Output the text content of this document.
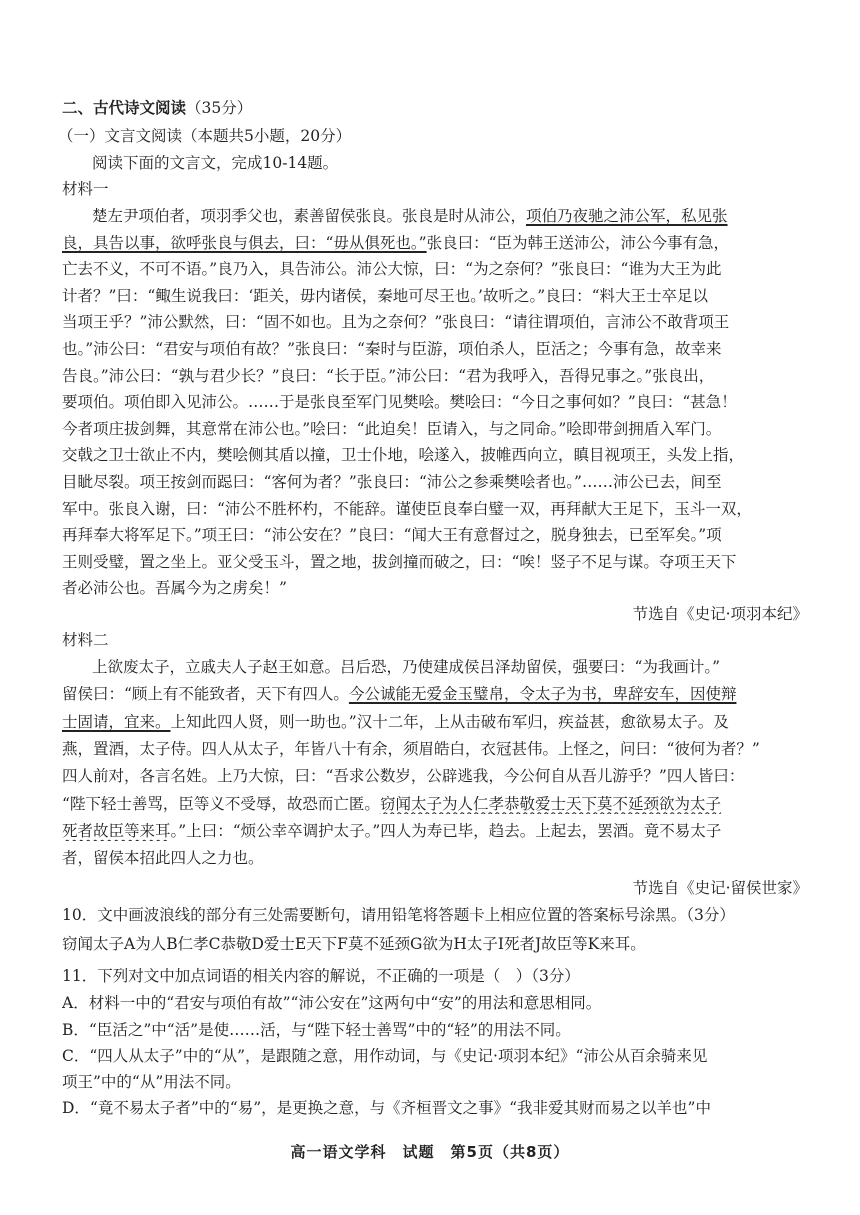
二、古代诗文阅读（35分）
（一）文言文阅读（本题共5小题，20分）
阅读下面的文言文，完成10-14题。
材料一
楚左尹项伯者，项羽季父也，素善留侯张良。张良是时从沛公，项伯乃夜驰之沛公军，私见张
良，具告以事，欲呼张良与俱去，曰：“毋从俱死也。”张良曰：“臣为韩王送沛公，沛公今事有急，
亡去不义，不可不语。”良乃入，具告沛公。沛公大惊，曰：“为之奈何？”张良曰：“谁为大王为此
计者？”曰：“鲰生说我曰：‘距关，毋内诸侯，秦地可尽王也。’故听之。”良曰：“料大王士卒足以
当项王乎？”沛公默然，曰：“固不如也。且为之奈何？”张良曰：“请往谓项伯，言沛公不敢背项王
也。”沛公曰：“君安与项伯有故？”张良曰：“秦时与臣游，项伯杀人，臣活之；今事有急，故幸来
告良。”沛公曰：“孰与君少长？”良曰：“长于臣。”沛公曰：“君为我呼入，吾得兄事之。”张良出，
要项伯。项伯即入见沛公。……于是张良至军门见樊哙。樊哙曰：“今日之事何如？”良曰：“甚急！
今者项庄拔剑舞，其意常在沛公也。”哙曰：“此迫矣！臣请入，与之同命。”哙即带剑拥盾入军门。
交戟之卫士欲止不内，樊哙侧其盾以撞，卫士仆地，哙遂入，披帷西向立，瞋目视项王，头发上指，
目眦尽裂。项王按剑而跽曰：“客何为者？”张良曰：“沛公之参乘樊哙者也。”……沛公已去，间至
军中。张良入谢，曰：“沛公不胜杯杓，不能辞。谨使臣良奉白璧一双，再拜献大王足下，玉斗一双，
再拜奉大将军足下。”项王曰：“沛公安在？”良曰：“闻大王有意督过之，脱身独去，已至军矣。”项
王则受璧，置之坐上。亚父受玉斗，置之地，拔剑撞而破之，曰：“唉！竖子不足与谋。夺项王天下
者必沛公也。吾属今为之虏矣！”
节选自《史记·项羽本纪》
材料二
上欲废太子，立戚夫人子赵王如意。吕后恐，乃使建成侯吕泽劫留侯，强要曰：“为我画计。”
留侯曰：“顾上有不能致者，天下有四人。今公诚能无爱金玉璧帛，令太子为书，卑辞安车，因使辩
士固请，宜来。上知此四人贤，则一助也。”汉十二年，上从击破布军归，疾益甚，愈欲易太子。及
燕，置酒，太子侍。四人从太子，年皆八十有余，须眉皓白，衣冠甚伟。上怪之，问曰：“彼何为者？”
四人前对，各言名姓。上乃大惊，曰：“吾求公数岁，公辟逃我，今公何自从吾儿游乎？”四人皆曰：
“陛下轻士善骂，臣等义不受辱，故恐而亡匿。窃闻太子为人仁孝恭敬爱士天下莫不延颈欲为太子
死者故臣等来耳。”上曰：“烦公幸卒调护太子。”四人为寿已毕，趋去。上起去，罢酒。竟不易太子
者，留侯本招此四人之力也。
节选自《史记·留侯世家》
10．文中画波浪线的部分有三处需要断句，请用铅笔将答题卡上相应位置的答案标号涂黑。（3分）
窃闻太子A为人B仁孝C恭敬D爱士E天下F莫不延颈G欲为H太子I死者J故臣等K来耳。
11．下列对文中加点词语的相关内容的解说，不正确的一项是（　）（3分）
A．材料一中的“君安与项伯有故”“沛公安在”这两句中“安”的用法和意思相同。
B．“臣活之”中“活”是使……活，与“陛下轻士善骂”中的“轻”的用法不同。
C．“四人从太子”中的“从”，是跟随之意，用作动词，与《史记·项羽本纪》“沛公从百余骑来见
项王”中的“从”用法不同。
D．“竟不易太子者”中的“易”，是更换之意，与《齐桓晋文之事》“我非爱其财而易之以羊也”中
高一语文学科　试题　第5页（共8页）
